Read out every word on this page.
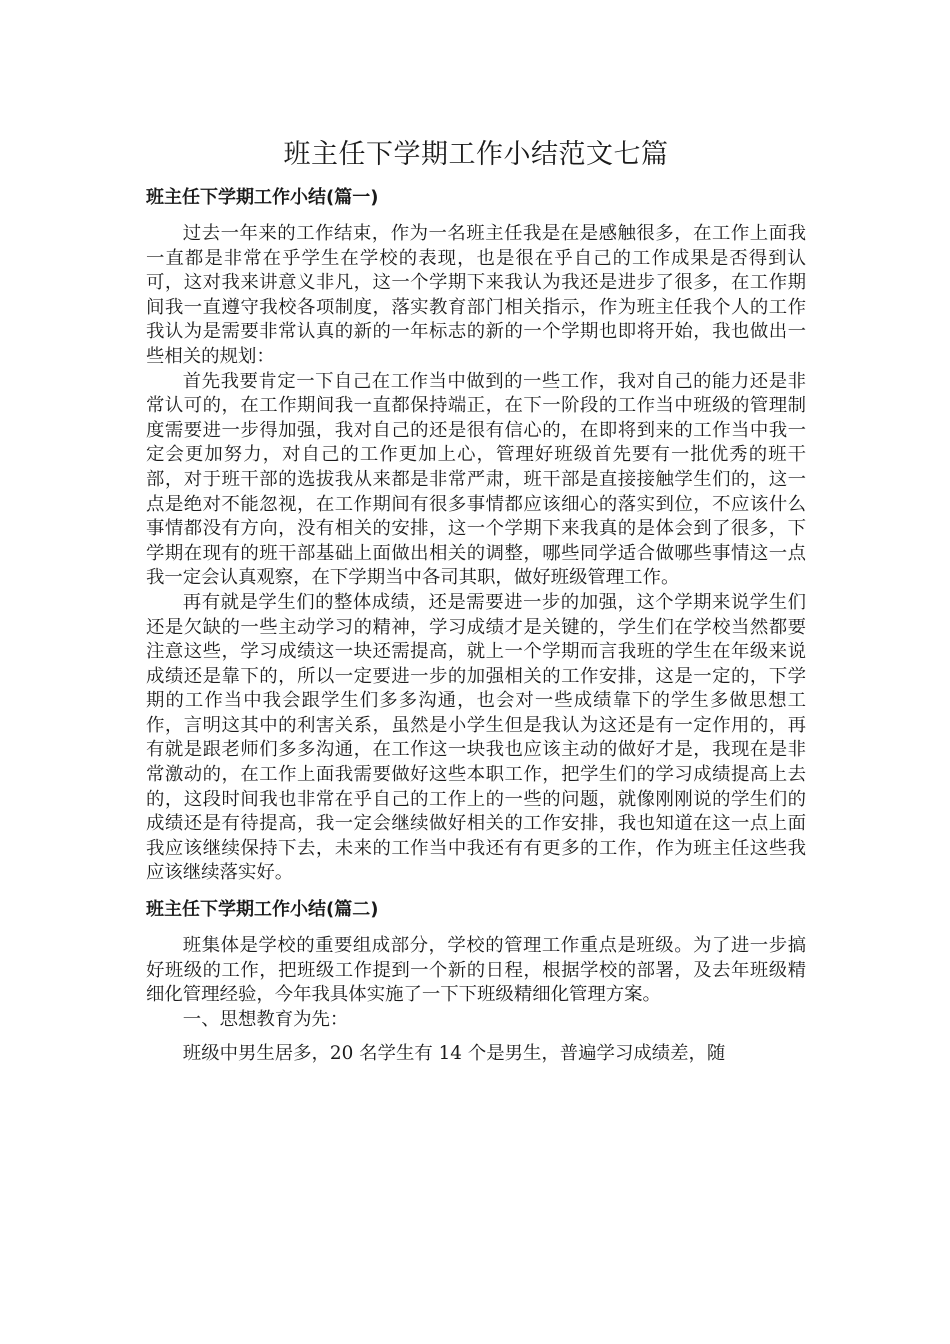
班主任下学期工作小结范文七篇
班主任下学期工作小结(篇一)

过去一年来的工作结束，作为一名班主任我是在是感触很多，在工作上面我一直都是非常在乎学生在学校的表现，也是很在乎自己的工作成果是否得到认可，这对我来讲意义非凡，这一个学期下来我认为我还是进步了很多，在工作期间我一直遵守我校各项制度，落实教育部门相关指示，作为班主任我个人的工作我认为是需要非常认真的新的一年标志的新的一个学期也即将开始，我也做出一些相关的规划：

首先我要肯定一下自己在工作当中做到的一些工作，我对自己的能力还是非常认可的，在工作期间我一直都保持端正，在下一阶段的工作当中班级的管理制度需要进一步得加强，我对自己的还是很有信心的，在即将到来的工作当中我一定会更加努力，对自己的工作更加上心，管理好班级首先要有一批优秀的班干部，对于班干部的选拔我从来都是非常严肃，班干部是直接接触学生们的，这一点是绝对不能忽视，在工作期间有很多事情都应该细心的落实到位，不应该什么事情都没有方向，没有相关的安排，这一个学期下来我真的是体会到了很多，下学期在现有的班干部基础上面做出相关的调整，哪些同学适合做哪些事情这一点我一定会认真观察，在下学期当中各司其职，做好班级管理工作。

再有就是学生们的整体成绩，还是需要进一步的加强，这个学期来说学生们还是欠缺的一些主动学习的精神，学习成绩才是关键的，学生们在学校当然都要注意这些，学习成绩这一块还需提高，就上一个学期而言我班的学生在年级来说成绩还是靠下的，所以一定要进一步的加强相关的工作安排，这是一定的，下学期的工作当中我会跟学生们多多沟通，也会对一些成绩靠下的学生多做思想工作，言明这其中的利害关系，虽然是小学生但是我认为这还是有一定作用的，再有就是跟老师们多多沟通，在工作这一块我也应该主动的做好才是，我现在是非常激动的，在工作上面我需要做好这些本职工作，把学生们的学习成绩提高上去的，这段时间我也非常在乎自己的工作上的一些的问题，就像刚刚说的学生们的成绩还是有待提高，我一定会继续做好相关的工作安排，我也知道在这一点上面我应该继续保持下去，未来的工作当中我还有有更多的工作，作为班主任这些我应该继续落实好。

班主任下学期工作小结(篇二)

班集体是学校的重要组成部分，学校的管理工作重点是班级。为了进一步搞好班级的工作，把班级工作提到一个新的日程，根据学校的部署，及去年班级精细化管理经验，今年我具体实施了一下下班级精细化管理方案。

一、思想教育为先：

班级中男生居多，20 名学生有 14 个是男生，普遍学习成绩差，随
